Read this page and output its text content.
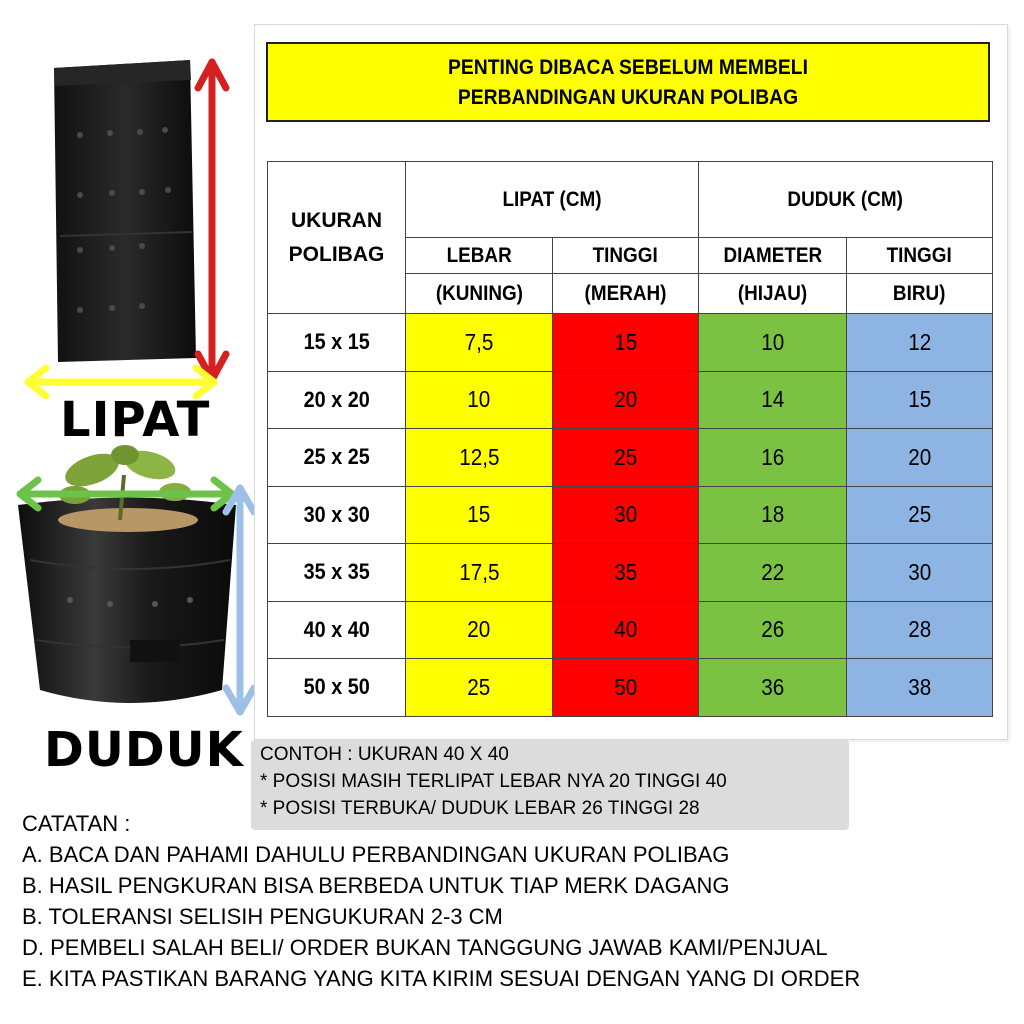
LIPAT
DUDUK
PENTING DIBACA SEBELUM MEMBELI
PERBANDINGAN UKURAN POLIBAG
UKURAN
POLIBAG	LIPAT (CM)		DUDUK (CM)	
	LEBAR	TINGGI	DIAMETER	TINGGI
	(KUNING)	(MERAH)	(HIJAU)	BIRU)
15 x 15	7,5	15	10	12
20 x 20	10	20	14	15
25 x 25	12,5	25	16	20
30 x 30	15	30	18	25
35 x 35	17,5	35	22	30
40 x 40	20	40	26	28
50 x 50	25	50	36	38
CONTOH : UKURAN 40 X 40
* POSISI MASIH TERLIPAT LEBAR NYA 20 TINGGI 40
* POSISI TERBUKA/ DUDUK LEBAR 26 TINGGI 28
CATATAN :
A. BACA DAN PAHAMI DAHULU PERBANDINGAN UKURAN POLIBAG
B. HASIL PENGKURAN BISA BERBEDA UNTUK TIAP MERK DAGANG
B. TOLERANSI SELISIH PENGUKURAN 2-3 CM
D. PEMBELI SALAH BELI/ ORDER BUKAN TANGGUNG JAWAB KAMI/PENJUAL
E. KITA PASTIKAN BARANG YANG KITA KIRIM SESUAI DENGAN YANG DI ORDER
